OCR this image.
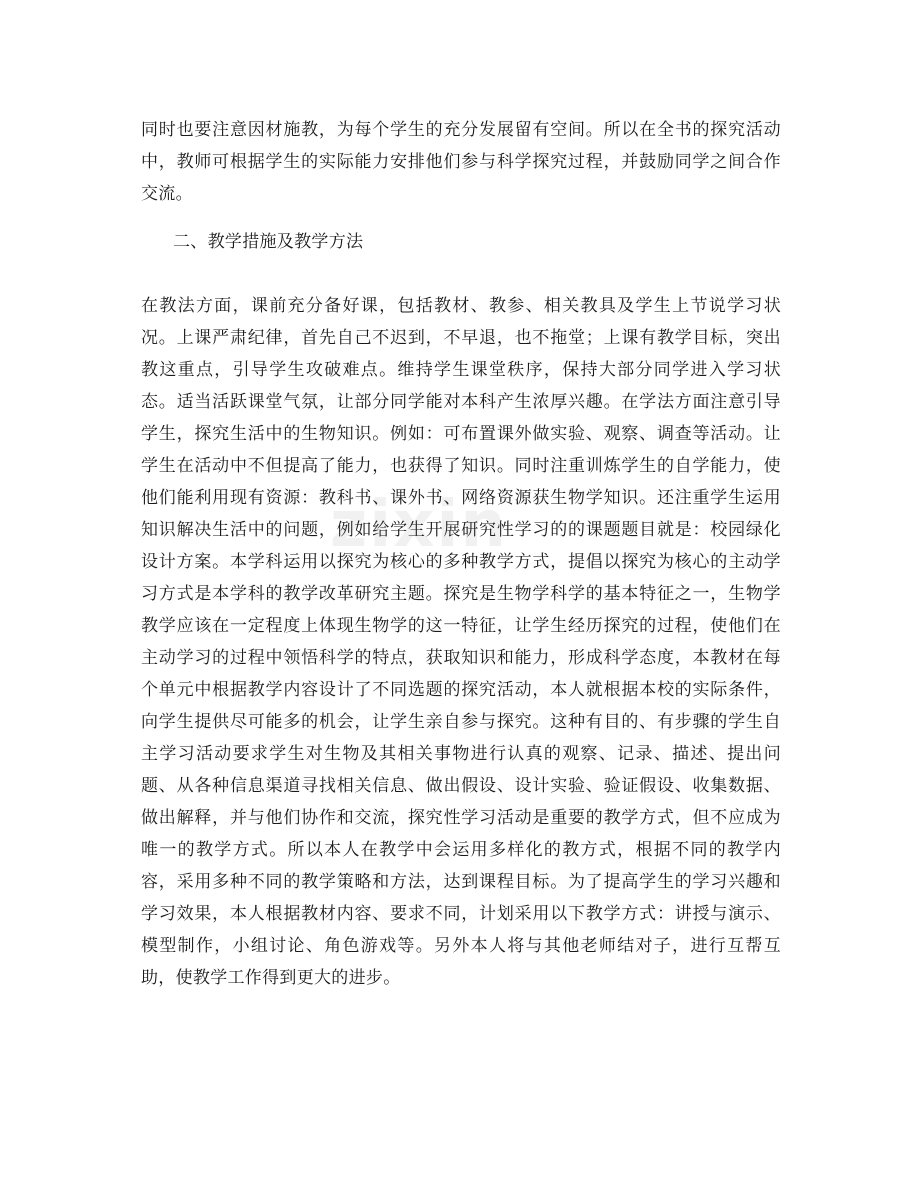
同时也要注意因材施教，为每个学生的充分发展留有空间。所以在全书的探究活动中，教师可根据学生的实际能力安排他们参与科学探究过程，并鼓励同学之间合作交流。

二、教学措施及教学方法

在教法方面，课前充分备好课，包括教材、教参、相关教具及学生上节说学习状况。上课严肃纪律，首先自己不迟到，不早退，也不拖堂；上课有教学目标，突出教这重点，引导学生攻破难点。维持学生课堂秩序，保持大部分同学进入学习状态。适当活跃课堂气氛，让部分同学能对本科产生浓厚兴趣。在学法方面注意引导学生，探究生活中的生物知识。例如：可布置课外做实验、观察、调查等活动。让学生在活动中不但提高了能力，也获得了知识。同时注重训炼学生的自学能力，使他们能利用现有资源：教科书、课外书、网络资源获生物学知识。还注重学生运用知识解决生活中的问题，例如给学生开展研究性学习的的课题题目就是：校园绿化设计方案。本学科运用以探究为核心的多种教学方式，提倡以探究为核心的主动学习方式是本学科的教学改革研究主题。探究是生物学科学的基本特征之一，生物学教学应该在一定程度上体现生物学的这一特征，让学生经历探究的过程，使他们在主动学习的过程中领悟科学的特点，获取知识和能力，形成科学态度，本教材在每个单元中根据教学内容设计了不同选题的探究活动，本人就根据本校的实际条件，向学生提供尽可能多的机会，让学生亲自参与探究。这种有目的、有步骤的学生自主学习活动要求学生对生物及其相关事物进行认真的观察、记录、描述、提出问题、从各种信息渠道寻找相关信息、做出假设、设计实验、验证假设、收集数据、做出解释，并与他们协作和交流，探究性学习活动是重要的教学方式，但不应成为唯一的教学方式。所以本人在教学中会运用多样化的教方式，根据不同的教学内容，采用多种不同的教学策略和方法，达到课程目标。为了提高学生的学习兴趣和学习效果，本人根据教材内容、要求不同，计划采用以下教学方式：讲授与演示、模型制作，小组讨论、角色游戏等。另外本人将与其他老师结对子，进行互帮互助，使教学工作得到更大的进步。

zixin
